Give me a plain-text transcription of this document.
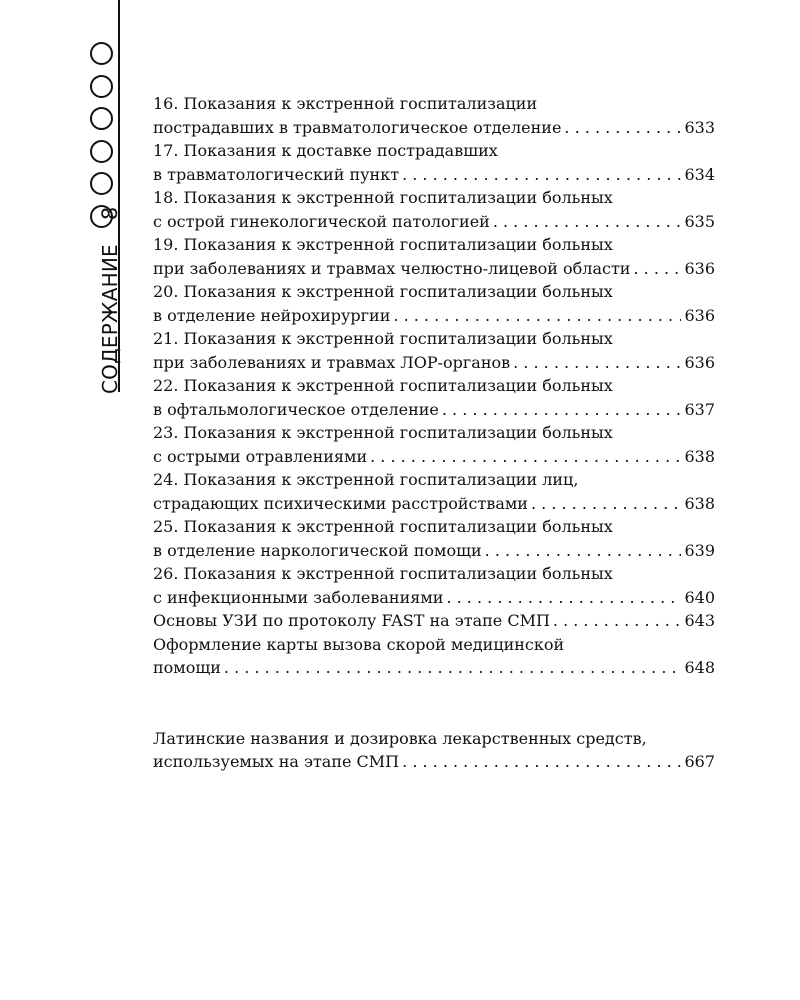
СОДЕРЖАНИЕ
8
16. Показания к экстренной госпитализации
пострадавших в травматологическое отделение . . .	633
17. Показания к доставке пострадавших
в травматологический пункт . . .	634
18. Показания к экстренной госпитализации больных
с острой гинекологической патологией . . .	635
19. Показания к экстренной госпитализации больных
при заболеваниях и травмах челюстно-лицевой области . . .	636
20. Показания к экстренной госпитализации больных
в отделение нейрохирургии . . .	636
21. Показания к экстренной госпитализации больных
при заболеваниях и травмах ЛОР-органов . . .	636
22. Показания к экстренной госпитализации больных
в офтальмологическое отделение . . .	637
23. Показания к экстренной госпитализации больных
с острыми отравлениями . . .	638
24. Показания к экстренной госпитализации лиц,
страдающих психическими расстройствами . . .	638
25. Показания к экстренной госпитализации больных
в отделение наркологической помощи . . .	639
26. Показания к экстренной госпитализации больных
с инфекционными заболеваниями . . .	640
Основы УЗИ по протоколу FAST на этапе СМП . . .	643
Оформление карты вызова скорой медицинской
помощи . . .	648
Латинские названия и дозировка лекарственных средств,
используемых на этапе СМП . . .	667
